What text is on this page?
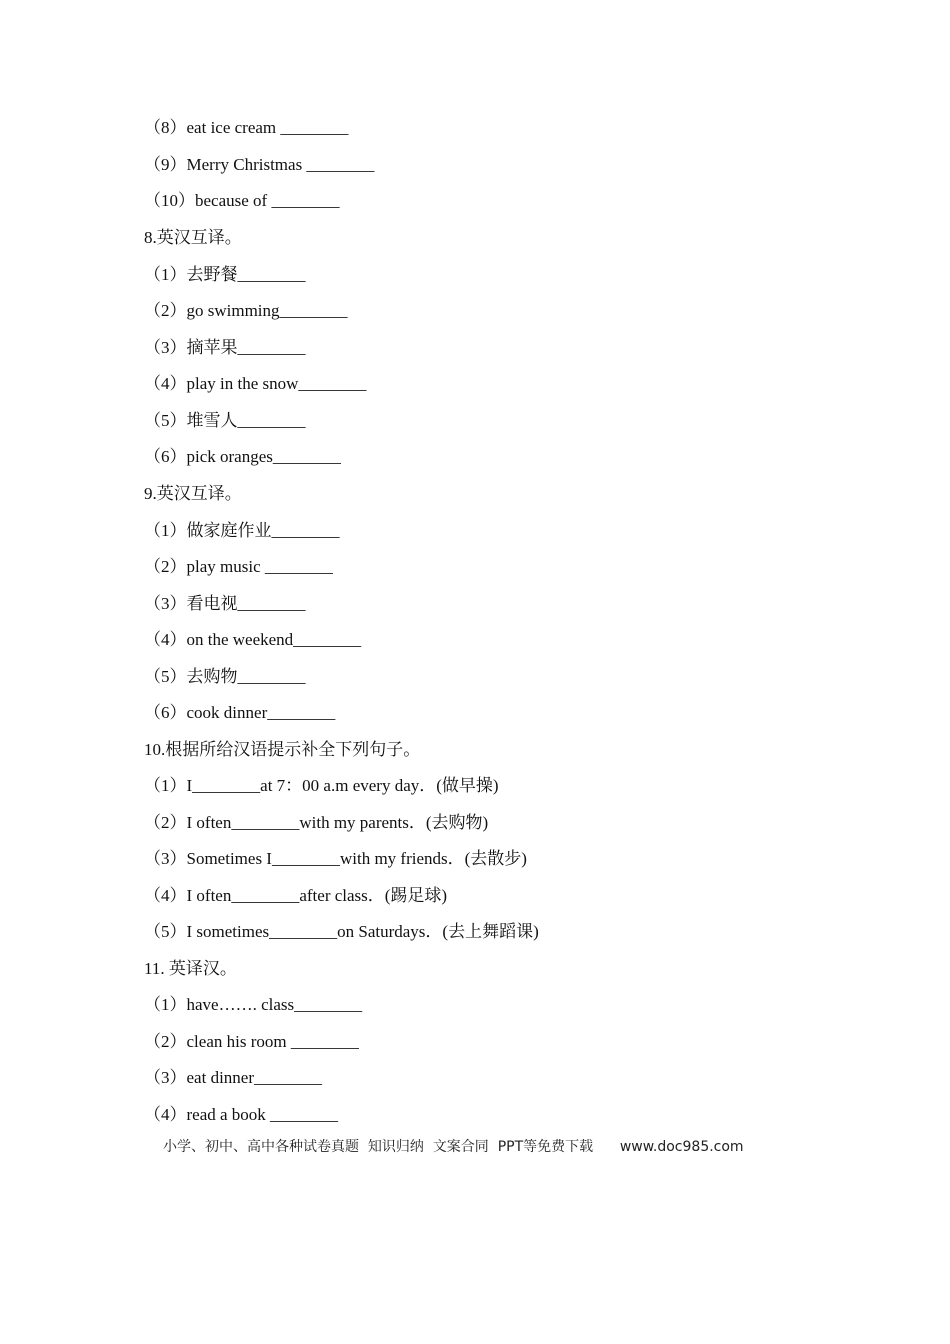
（8）eat ice cream ________
（9）Merry Christmas ________
（10）because of ________
8.英汉互译。
（1）去野餐________
（2）go swimming________
（3）摘苹果________
（4）play in the snow________
（5）堆雪人________
（6）pick oranges________
9.英汉互译。
（1）做家庭作业________
（2）play music ________
（3）看电视________
（4）on the weekend________
（5）去购物________
（6）cook dinner________
10.根据所给汉语提示补全下列句子。
（1）I________at 7：00 a.m every day．(做早操)
（2）I often________with my parents．(去购物)
（3）Sometimes I________with my friends．(去散步)
（4）I often________after class．(踢足球)
（5）I sometimes________on Saturdays．(去上舞蹈课)
11. 英译汉。
（1）have……. class________
（2）clean his room ________
（3）eat dinner________
（4）read a book ________
小学、初中、高中各种试卷真题  知识归纳  文案合同  PPT等免费下载      www.doc985.com
